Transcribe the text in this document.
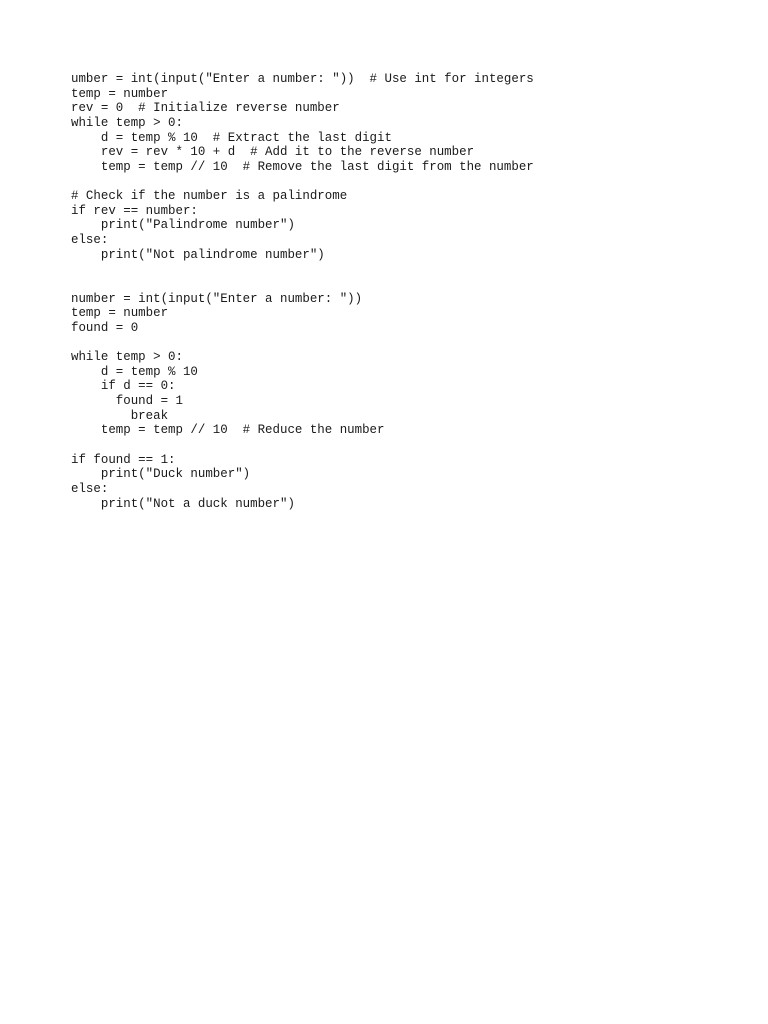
umber = int(input("Enter a number: "))  # Use int for integers
temp = number
rev = 0  # Initialize reverse number
while temp > 0:
d = temp % 10  # Extract the last digit
rev = rev * 10 + d  # Add it to the reverse number
temp = temp // 10  # Remove the last digit from the number
# Check if the number is a palindrome
if rev == number:
print("Palindrome number")
else:
print("Not palindrome number")
number = int(input("Enter a number: "))
temp = number
found = 0
while temp > 0:
d = temp % 10
if d == 0:
found = 1
break
temp = temp // 10  # Reduce the number
if found == 1:
print("Duck number")
else:
print("Not a duck number")
